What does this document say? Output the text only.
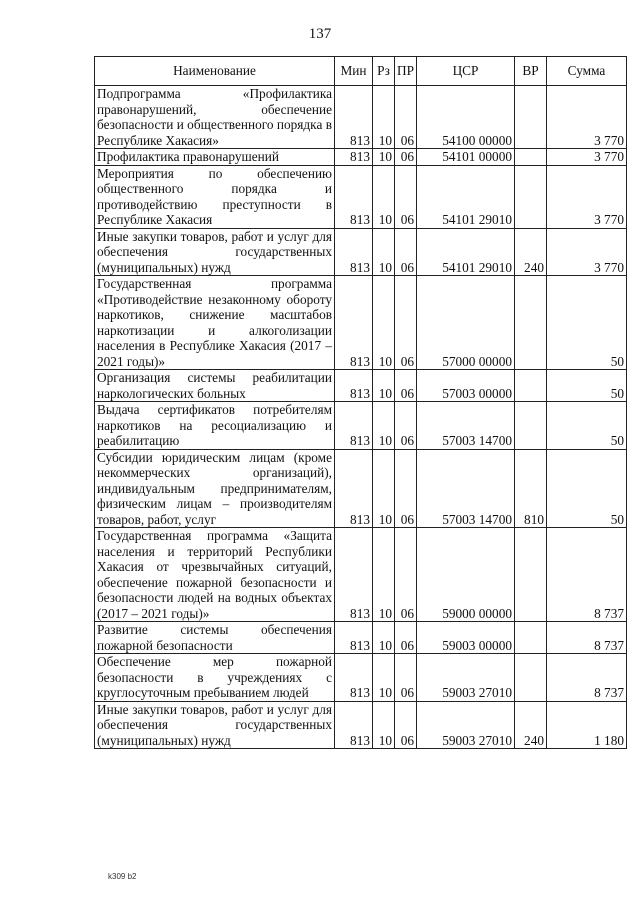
137
Наименование	Мин	Рз	ПР	ЦСР	ВР	Сумма
Подпрограмма «Профилактика правонарушений, обеспечение безопасности и общественного порядка в Республике Хакасия»	813	10	06	54100 00000		3 770
Профилактика правонарушений	813	10	06	54101 00000		3 770
Мероприятия по обеспечению общественного порядка и противодействию преступности в Республике Хакасия	813	10	06	54101 29010		3 770
Иные закупки товаров, работ и услуг для обеспечения государственных (муниципальных) нужд	813	10	06	54101 29010	240	3 770
Государственная программа «Противодействие незаконному обороту наркотиков, снижение масштабов наркотизации и алкоголизации населения в Республике Хакасия (2017 – 2021 годы)»	813	10	06	57000 00000		50
Организация системы реабилитации наркологических больных	813	10	06	57003 00000		50
Выдача сертификатов потребителям наркотиков на ресоциализацию и реабилитацию	813	10	06	57003 14700		50
Субсидии юридическим лицам (кроме некоммерческих организаций), индивидуальным предпринимателям, физическим лицам – производителям товаров, работ, услуг	813	10	06	57003 14700	810	50
Государственная программа «Защита населения и территорий Республики Хакасия от чрезвычайных ситуаций, обеспечение пожарной безопасности и безопасности людей на водных объектах (2017 – 2021 годы)»	813	10	06	59000 00000		8 737
Развитие системы обеспечения пожарной безопасности	813	10	06	59003 00000		8 737
Обеспечение мер пожарной безопасности в учреждениях с круглосуточным пребыванием людей	813	10	06	59003 27010		8 737
Иные закупки товаров, работ и услуг для обеспечения государственных (муниципальных) нужд	813	10	06	59003 27010	240	1 180
k309 b2
